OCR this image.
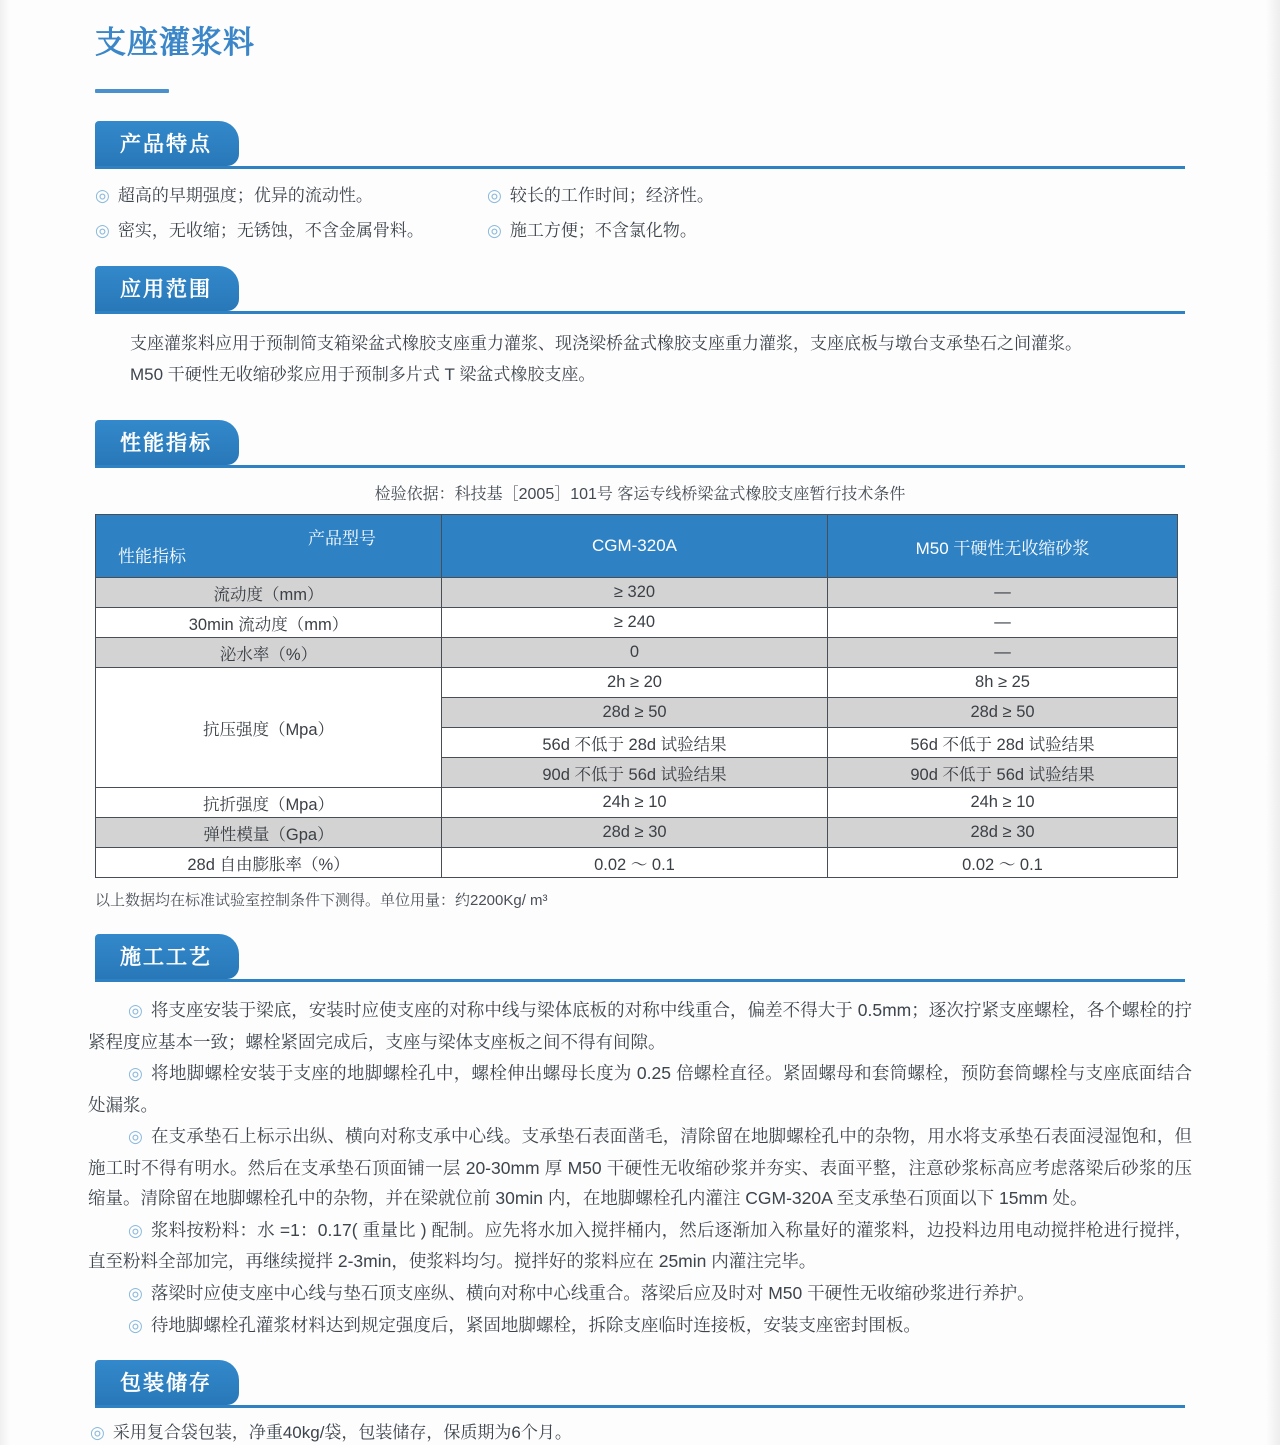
支座灌浆料
产品特点
◎ 超高的早期强度；优异的流动性。	◎ 较长的工作时间；经济性。
◎ 密实，无收缩；无锈蚀，不含金属骨料。	◎ 施工方便；不含氯化物。
应用范围
支座灌浆料应用于预制简支箱梁盆式橡胶支座重力灌浆、现浇梁桥盆式橡胶支座重力灌浆，支座底板与墩台支承垫石之间灌浆。
M50 干硬性无收缩砂浆应用于预制多片式 T 梁盆式橡胶支座。
性能指标
检验依据：科技基［2005］101号 客运专线桥梁盆式橡胶支座暂行技术条件
产品型号
性能指标	CGM-320A	M50 干硬性无收缩砂浆
流动度（mm）	≥ 320	—
30min 流动度（mm）	≥ 240	—
泌水率（%）	0	—
抗压强度（Mpa）	2h ≥ 20	8h ≥ 25
	28d ≥ 50	28d ≥ 50
	56d 不低于 28d 试验结果	56d 不低于 28d 试验结果
	90d 不低于 56d 试验结果	90d 不低于 56d 试验结果
抗折强度（Mpa）	24h ≥ 10	24h ≥ 10
弹性模量（Gpa）	28d ≥ 30	28d ≥ 30
28d 自由膨胀率（%）	0.02 ～ 0.1	0.02 ～ 0.1
以上数据均在标准试验室控制条件下测得。单位用量：约2200Kg/ m³
施工工艺

◎ 将支座安装于梁底，安装时应使支座的对称中线与梁体底板的对称中线重合，偏差不得大于 0.5mm；逐次拧紧支座螺栓，各个螺栓的拧紧程度应基本一致；螺栓紧固完成后，支座与梁体支座板之间不得有间隙。

◎ 将地脚螺栓安装于支座的地脚螺栓孔中，螺栓伸出螺母长度为 0.25 倍螺栓直径。紧固螺母和套筒螺栓，预防套筒螺栓与支座底面结合处漏浆。

◎ 在支承垫石上标示出纵、横向对称支承中心线。支承垫石表面凿毛，清除留在地脚螺栓孔中的杂物，用水将支承垫石表面浸湿饱和，但施工时不得有明水。然后在支承垫石顶面铺一层 20-30mm 厚 M50 干硬性无收缩砂浆并夯实、表面平整，注意砂浆标高应考虑落梁后砂浆的压缩量。清除留在地脚螺栓孔中的杂物，并在梁就位前 30min 内，在地脚螺栓孔内灌注 CGM-320A 至支承垫石顶面以下 15mm 处。

◎ 浆料按粉料：水 =1：0.17( 重量比 ) 配制。应先将水加入搅拌桶内，然后逐渐加入称量好的灌浆料，边投料边用电动搅拌枪进行搅拌，直至粉料全部加完，再继续搅拌 2-3min，使浆料均匀。搅拌好的浆料应在 25min 内灌注完毕。

◎ 落梁时应使支座中心线与垫石顶支座纵、横向对称中心线重合。落梁后应及时对 M50 干硬性无收缩砂浆进行养护。

◎ 待地脚螺栓孔灌浆材料达到规定强度后，紧固地脚螺栓，拆除支座临时连接板，安装支座密封围板。

包装储存
◎ 采用复合袋包装，净重40kg/袋，包装储存，保质期为6个月。
